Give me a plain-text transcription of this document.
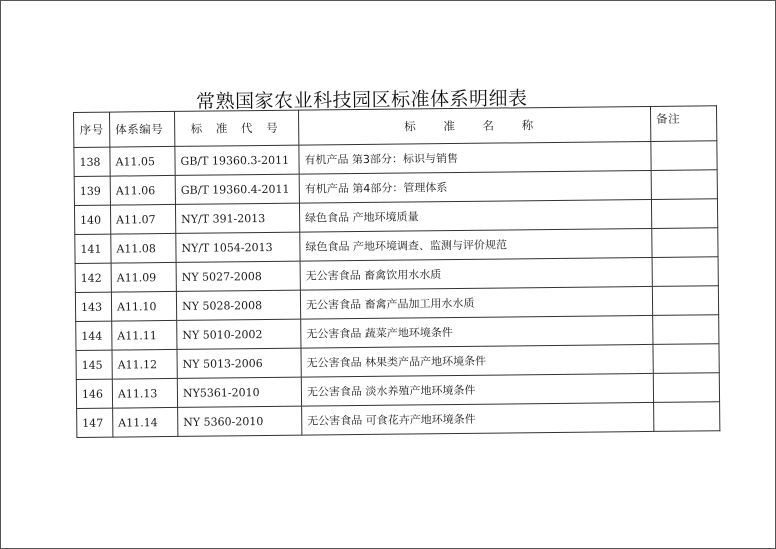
常熟国家农业科技园区标准体系明细表
序号	体系编号	标 准 代 号	标 准 名 称	备注
138	A11.05	GB/T 19360.3-2011	有机产品 第3部分：标识与销售	
139	A11.06	GB/T 19360.4-2011	有机产品 第4部分：管理体系	
140	A11.07	NY/T 391-2013	绿色食品 产地环境质量	
141	A11.08	NY/T 1054-2013	绿色食品 产地环境调查、监测与评价规范	
142	A11.09	NY 5027-2008	无公害食品 畜禽饮用水水质	
143	A11.10	NY 5028-2008	无公害食品 畜禽产品加工用水水质	
144	A11.11	NY 5010-2002	无公害食品 蔬菜产地环境条件	
145	A11.12	NY 5013-2006	无公害食品 林果类产品产地环境条件	
146	A11.13	NY5361-2010	无公害食品 淡水养殖产地环境条件	
147	A11.14	NY 5360-2010	无公害食品 可食花卉产地环境条件	
